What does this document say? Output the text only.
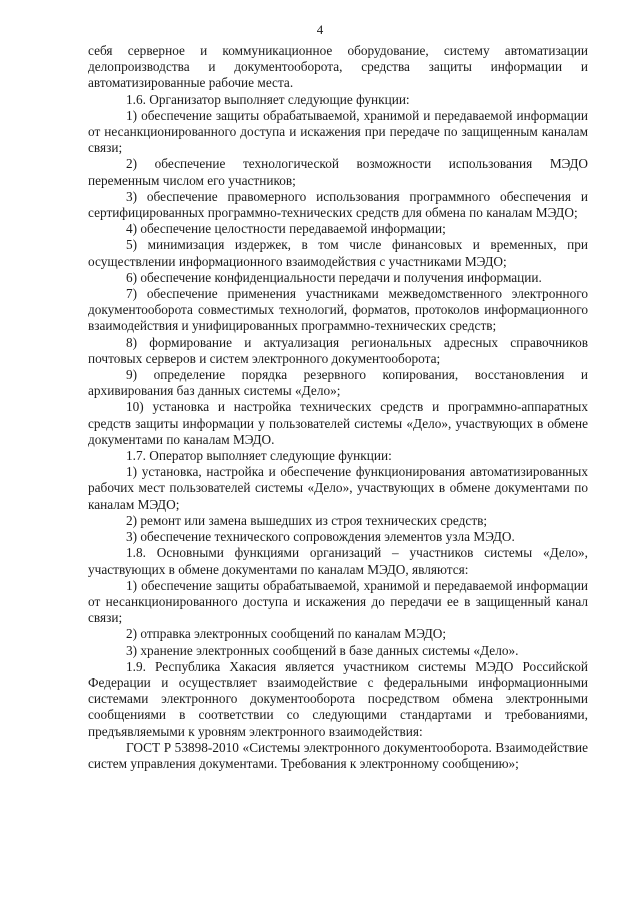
4

себя серверное и коммуникационное оборудование, систему автоматизации делопроизводства и документооборота, средства защиты информации и автоматизированные рабочие места.

1.6. Организатор выполняет следующие функции:

1) обеспечение защиты обрабатываемой, хранимой и передаваемой информации от несанкционированного доступа и искажения при передаче по защищенным каналам связи;

2) обеспечение технологической возможности использования МЭДО переменным числом его участников;

3) обеспечение правомерного использования программного обеспечения и сертифицированных программно-технических средств для обмена по каналам МЭДО;

4) обеспечение целостности передаваемой информации;

5) минимизация издержек, в том числе финансовых и временных, при осуществлении информационного взаимодействия с участниками МЭДО;

6) обеспечение конфиденциальности передачи и получения информации.

7) обеспечение применения участниками межведомственного электронного документооборота совместимых технологий, форматов, протоколов информационного взаимодействия и унифицированных программно-технических средств;

8) формирование и актуализация региональных адресных справочников почтовых серверов и систем электронного документооборота;

9) определение порядка резервного копирования, восстановления и архивирования баз данных системы «Дело»;

10) установка и настройка технических средств и программно-аппаратных средств защиты информации у пользователей системы «Дело», участвующих в обмене документами по каналам МЭДО.

1.7. Оператор выполняет следующие функции:

1) установка, настройка и обеспечение функционирования автоматизированных рабочих мест пользователей системы «Дело», участвующих в обмене документами по каналам МЭДО;

2) ремонт или замена вышедших из строя технических средств;

3) обеспечение технического сопровождения элементов узла МЭДО.

1.8. Основными функциями организаций – участников системы «Дело», участвующих в обмене документами по каналам МЭДО, являются:

1) обеспечение защиты обрабатываемой, хранимой и передаваемой информации от несанкционированного доступа и искажения до передачи ее в защищенный канал связи;

2) отправка электронных сообщений по каналам МЭДО;

3) хранение электронных сообщений в базе данных системы «Дело».

1.9. Республика Хакасия является участником системы МЭДО Российской Федерации и осуществляет взаимодействие с федеральными информационными системами электронного документооборота посредством обмена электронными сообщениями в соответствии со следующими стандартами и требованиями, предъявляемыми к уровням электронного взаимодействия:

ГОСТ Р 53898-2010 «Системы электронного документооборота. Взаимодействие систем управления документами. Требования к электронному сообщению»;
